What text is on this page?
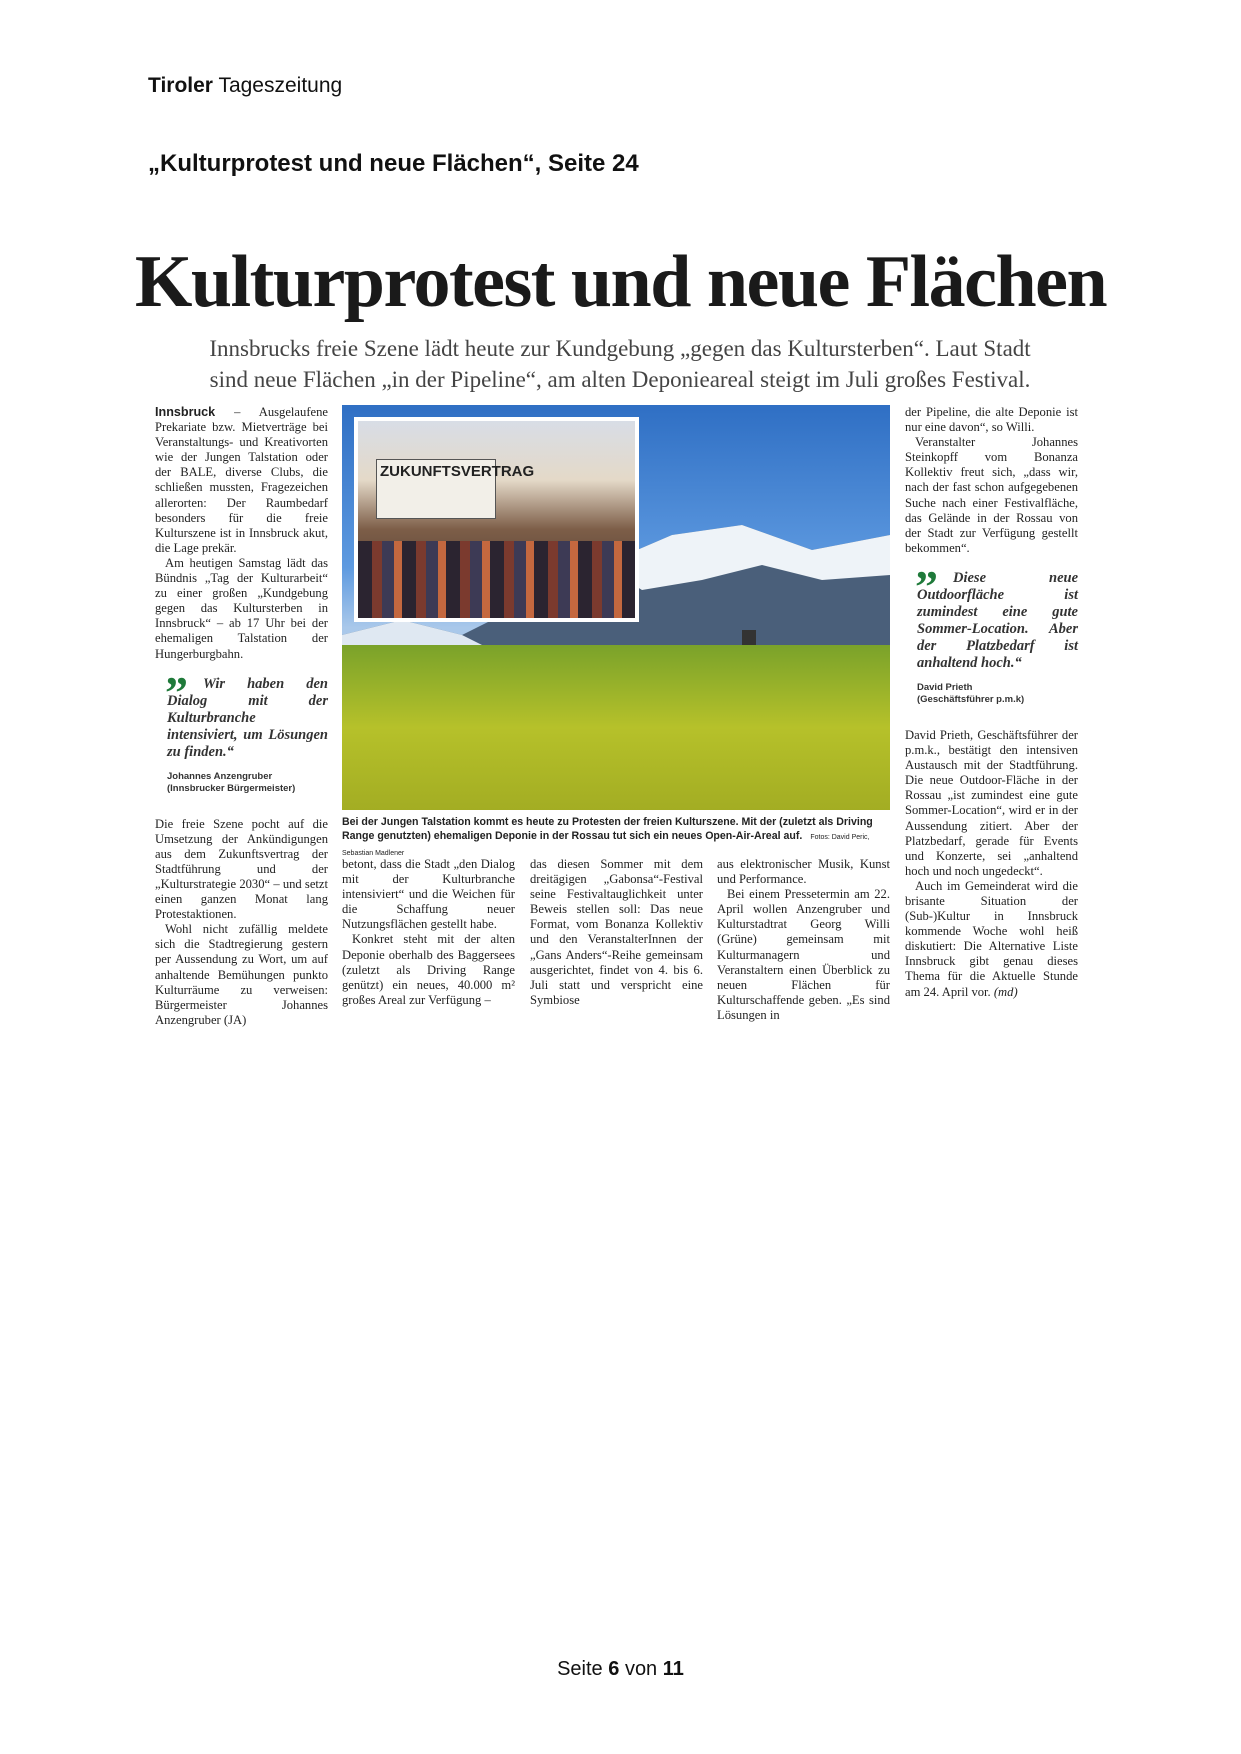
Tiroler Tageszeitung
„Kulturprotest und neue Flächen“, Seite 24
Kulturprotest und neue Flächen
Innsbrucks freie Szene lädt heute zur Kundgebung „gegen das Kultursterben“. Laut Stadt
sind neue Flächen „in der Pipeline“, am alten Deponieareal steigt im Juli großes Festival.

Innsbruck – Ausgelaufene Prekariate bzw. Mietverträge bei Veranstaltungs- und Kreativorten wie der Jungen Talstation oder der BALE, diverse Clubs, die schließen mussten, Fragezeichen allerorten: Der Raumbedarf besonders für die freie Kulturszene ist in Innsbruck akut, die Lage prekär.

Am heutigen Samstag lädt das Bündnis „Tag der Kulturarbeit“ zu einer großen „Kundgebung gegen das Kultursterben in Innsbruck“ – ab 17 Uhr bei der ehemaligen Talstation der Hungerburgbahn.

”	Wir haben den Dialog mit der Kulturbranche intensiviert, um Lösungen zu finden.“
Johannes Anzengruber
(Innsbrucker Bürgermeister)

Die freie Szene pocht auf die Umsetzung der Ankündigungen aus dem Zukunftsvertrag der Stadtführung und der „Kulturstrategie 2030“ – und setzt einen ganzen Monat lang Protestaktionen.

Wohl nicht zufällig meldete sich die Stadtregierung gestern per Aussendung zu Wort, um auf anhaltende Bemühungen punkto Kulturräume zu verweisen: Bürgermeister Johannes Anzengruber (JA)

ZUKUNFTSVERTRAG
Bei der Jungen Talstation kommt es heute zu Protesten der freien Kulturszene. Mit der (zuletzt als Driving Range genutzten) ehemaligen Deponie in der Rossau tut sich ein neues Open-Air-Areal auf. Fotos: David Peric, Sebastian Madlener

betont, dass die Stadt „den Dialog mit der Kulturbranche intensiviert“ und die Weichen für die Schaffung neuer Nutzungsflächen gestellt habe.

Konkret steht mit der alten Deponie oberhalb des Baggersees (zuletzt als Driving Range genützt) ein neues, 40.000 m² großes Areal zur Verfügung –

das diesen Sommer mit dem dreitägigen „Gabonsa“-Festival seine Festivaltauglichkeit unter Beweis stellen soll: Das neue Format, vom Bonanza Kollektiv und den VeranstalterInnen der „Gans Anders“-Reihe gemeinsam ausgerichtet, findet von 4. bis 6. Juli statt und verspricht eine Symbiose

aus elektronischer Musik, Kunst und Performance.

Bei einem Pressetermin am 22. April wollen Anzengruber und Kulturstadtrat Georg Willi (Grüne) gemeinsam mit Kulturmanagern und Veranstaltern einen Überblick zu neuen Flächen für Kulturschaffende geben. „Es sind Lösungen in

der Pipeline, die alte Deponie ist nur eine davon“, so Willi.

Veranstalter Johannes Steinkopff vom Bonanza Kollektiv freut sich, „dass wir, nach der fast schon aufgegebenen Suche nach einer Festivalfläche, das Gelände in der Rossau von der Stadt zur Verfügung gestellt bekommen“.

”	Diese neue Outdoorfläche ist zumindest eine gute Sommer-Location. Aber der Platzbedarf ist anhaltend hoch.“
David Prieth
(Geschäftsführer p.m.k)

David Prieth, Geschäftsführer der p.m.k., bestätigt den intensiven Austausch mit der Stadtführung. Die neue Outdoor-Fläche in der Rossau „ist zumindest eine gute Sommer-Location“, wird er in der Aussendung zitiert. Aber der Platzbedarf, gerade für Events und Konzerte, sei „anhaltend hoch und noch ungedeckt“.

Auch im Gemeinderat wird die brisante Situation der (Sub-)Kultur in Innsbruck kommende Woche wohl heiß diskutiert: Die Alternative Liste Innsbruck gibt genau dieses Thema für die Aktuelle Stunde am 24. April vor. (md)

Seite 6 von 11
